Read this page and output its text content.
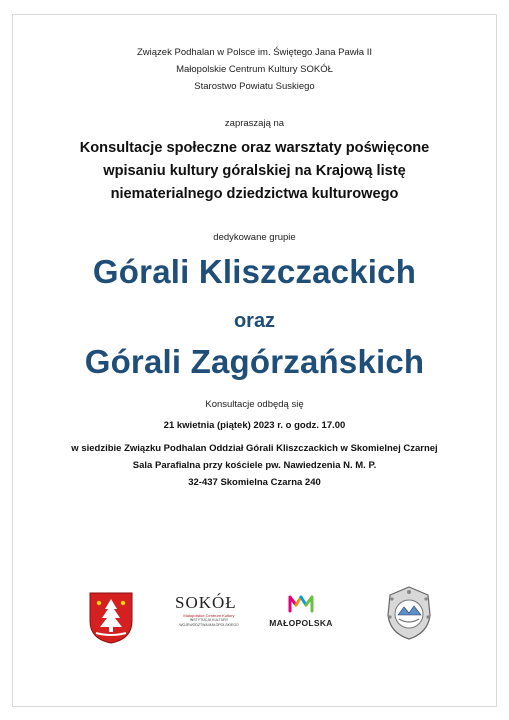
Związek Podhalan w Polsce im. Świętego Jana Pawła II
Małopolskie Centrum Kultury SOKÓŁ
Starostwo Powiatu Suskiego
zapraszają na
Konsultacje społeczne oraz warsztaty poświęcone
wpisaniu kultury góralskiej na Krajową listę
niematerialnego dziedzictwa kulturowego
dedykowane grupie
Górali Kliszczackich
oraz
Górali Zagórzańskich
Konsultacje odbędą się
21 kwietnia (piątek) 2023 r. o godz. 17.00
w siedzibie Związku Podhalan Oddział Górali Kliszczackich w Skomielnej Czarnej
Sala Parafialna przy kościele pw. Nawiedzenia N. M. P.
32-437 Skomielna Czarna 240
SOKÓŁ
Małopolskie Centrum Kultury
INSTYTUCJA KULTURY
WOJEWÓDZTWA MAŁOPOLSKIEGO	MAŁOPOLSKA
